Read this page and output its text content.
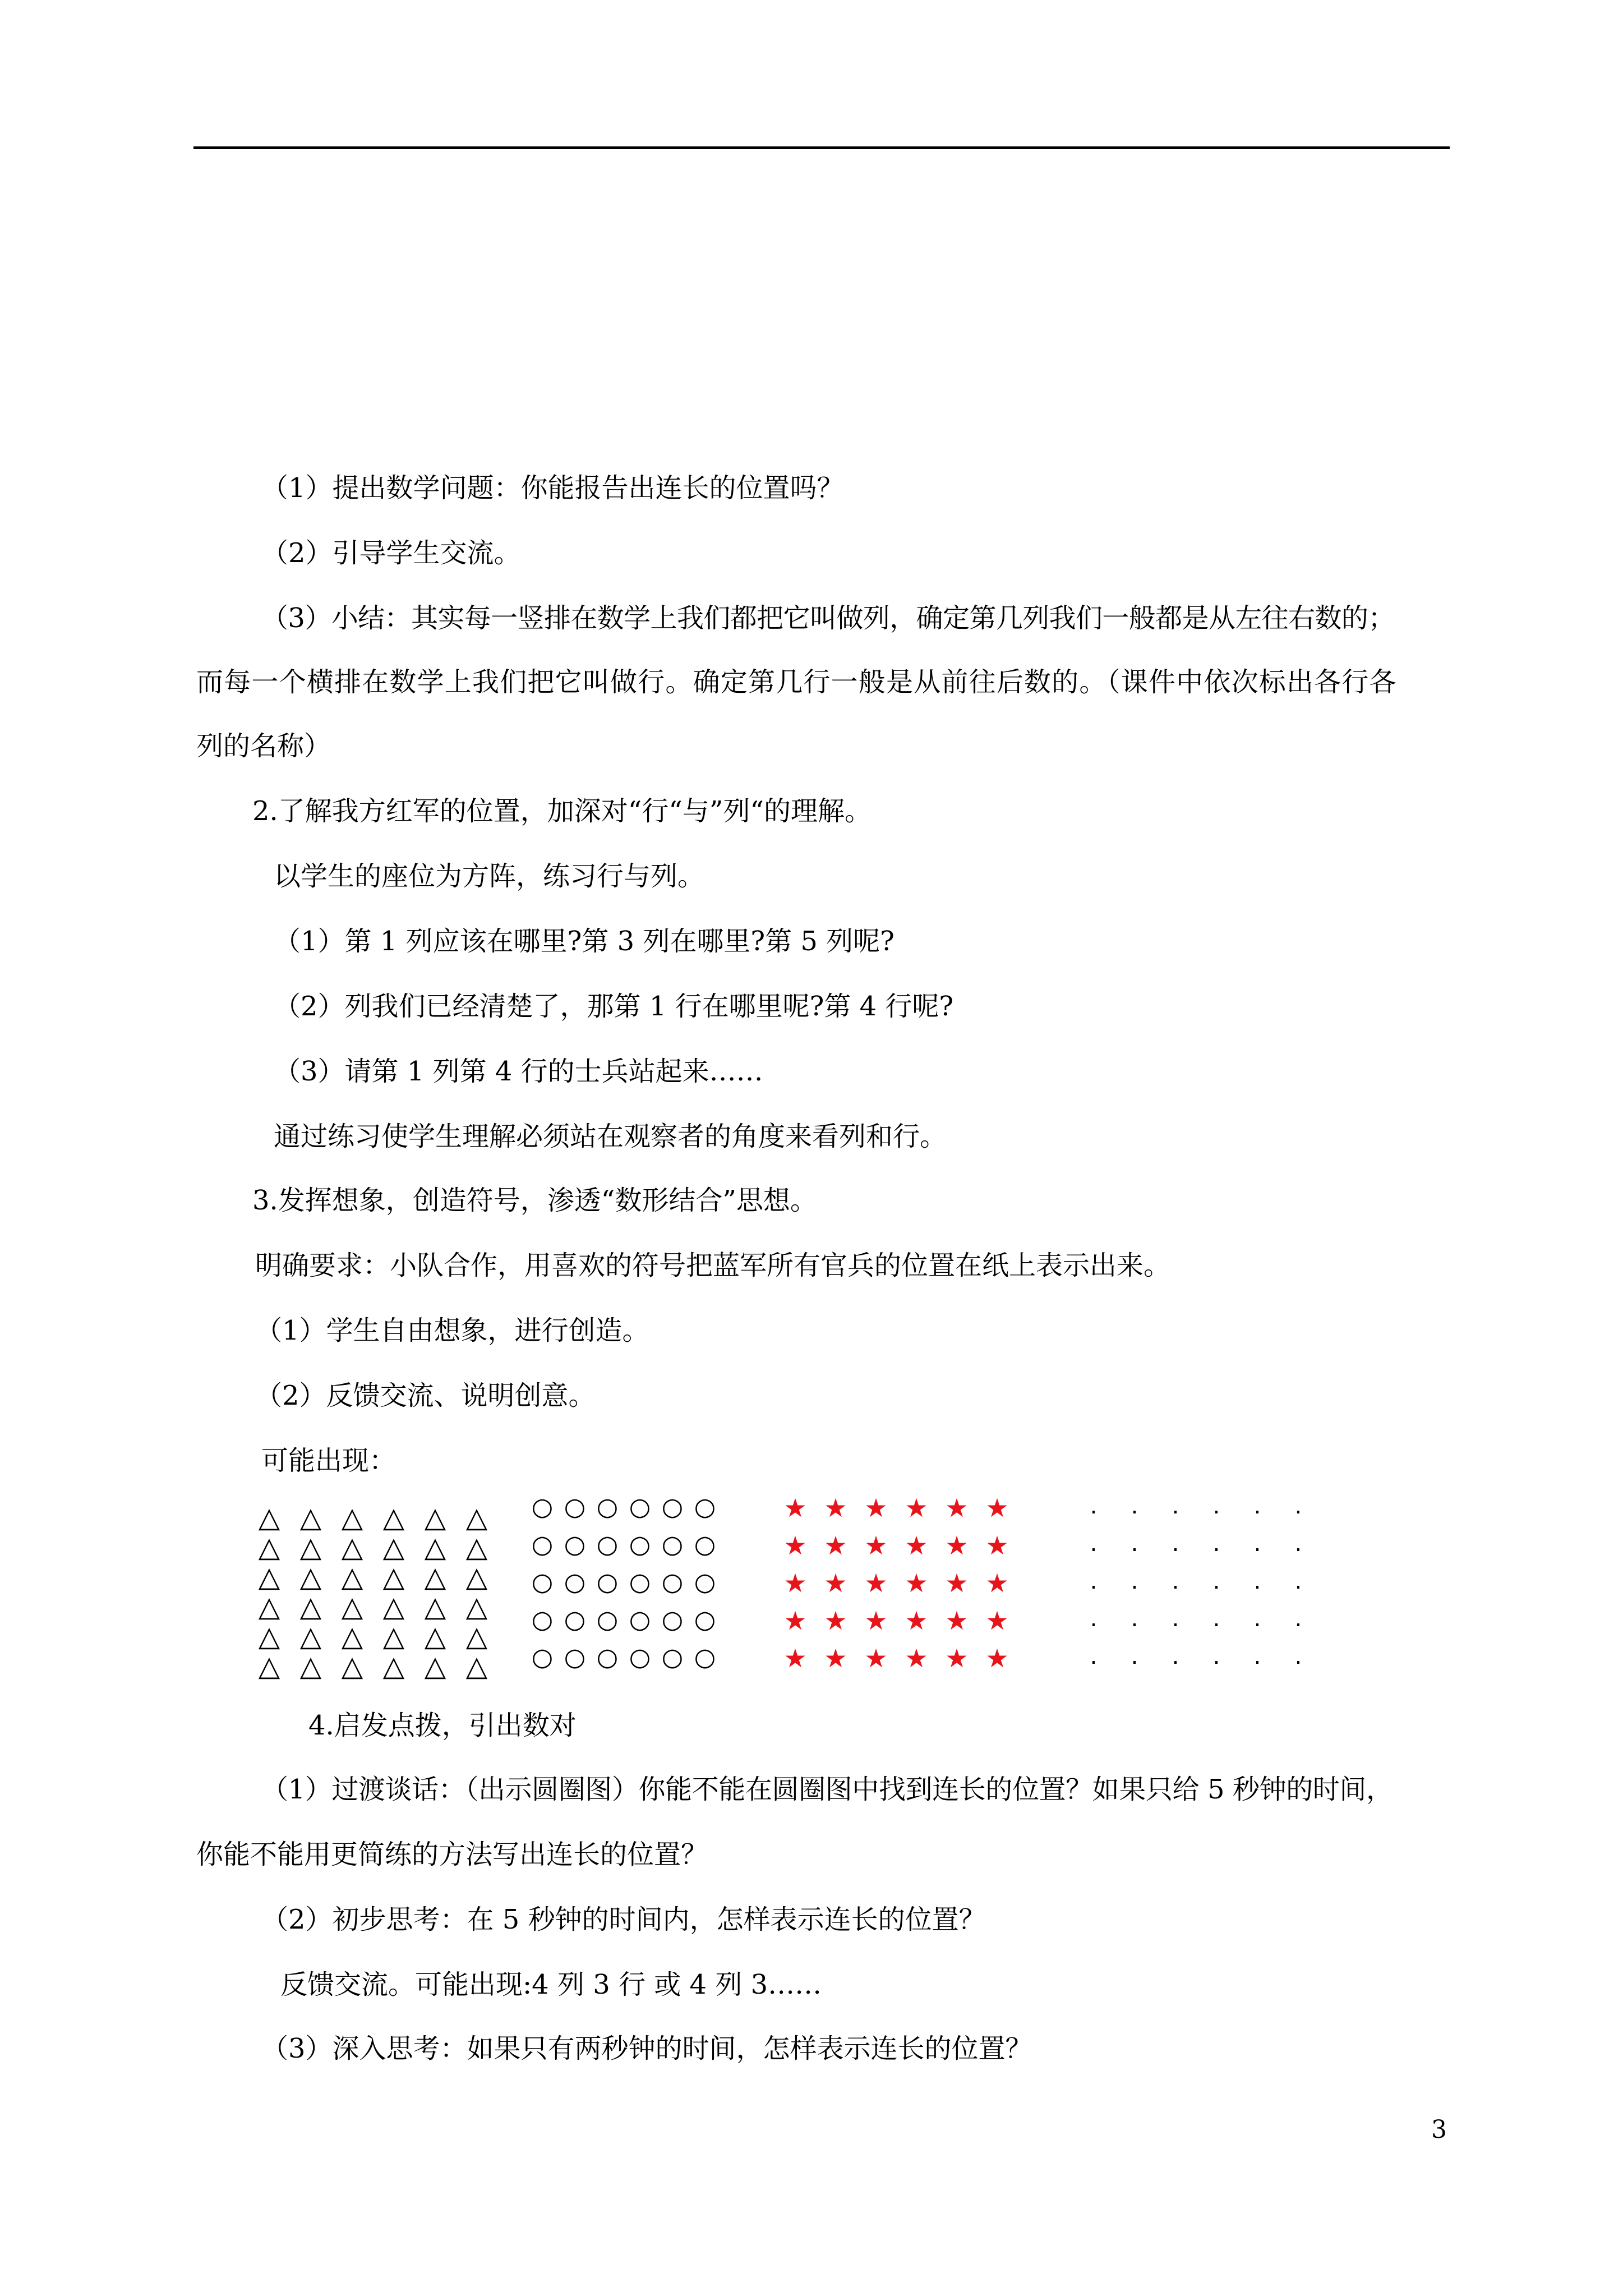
（1）提出数学问题：你能报告出连长的位置吗？
（2）引导学生交流。
（3）小结：其实每一竖排在数学上我们都把它叫做列，确定第几列我们一般都是从左往右数的；
而每一个横排在数学上我们把它叫做行。确定第几行一般是从前往后数的。（课件中依次标出各行各
列的名称）
2.了解我方红军的位置，加深对“行“与”列“的理解。
以学生的座位为方阵，练习行与列。
（1）第 1 列应该在哪里?第 3 列在哪里?第 5 列呢?
（2）列我们已经清楚了，那第 1 行在哪里呢?第 4 行呢?
（3）请第 1 列第 4 行的士兵站起来……
通过练习使学生理解必须站在观察者的角度来看列和行。
3.发挥想象，创造符号，渗透“数形结合”思想。
明确要求：小队合作，用喜欢的符号把蓝军所有官兵的位置在纸上表示出来。
（1）学生自由想象，进行创造。
（2）反馈交流、说明创意。
可能出现：
△ △ △ △ △ △
△ △ △ △ △ △
△ △ △ △ △ △
△ △ △ △ △ △
△ △ △ △ △ △
△ △ △ △ △ △
○ ○ ○ ○ ○ ○
○ ○ ○ ○ ○ ○
○ ○ ○ ○ ○ ○
○ ○ ○ ○ ○ ○
○ ○ ○ ○ ○ ○
★ ★ ★ ★ ★ ★
★ ★ ★ ★ ★ ★
★ ★ ★ ★ ★ ★
★ ★ ★ ★ ★ ★
★ ★ ★ ★ ★ ★
.	.	.	.	.	.
.	.	.	.	.	.
.	.	.	.	.	.
.	.	.	.	.	.
.	.	.	.	.	.
4.启发点拨，引出数对
（1）过渡谈话：（出示圆圈图）你能不能在圆圈图中找到连长的位置？如果只给 5 秒钟的时间，
你能不能用更简练的方法写出连长的位置？
（2）初步思考：在 5 秒钟的时间内，怎样表示连长的位置？
反馈交流。可能出现:4 列 3 行 或 4 列 3……
（3）深入思考：如果只有两秒钟的时间，怎样表示连长的位置？
3
